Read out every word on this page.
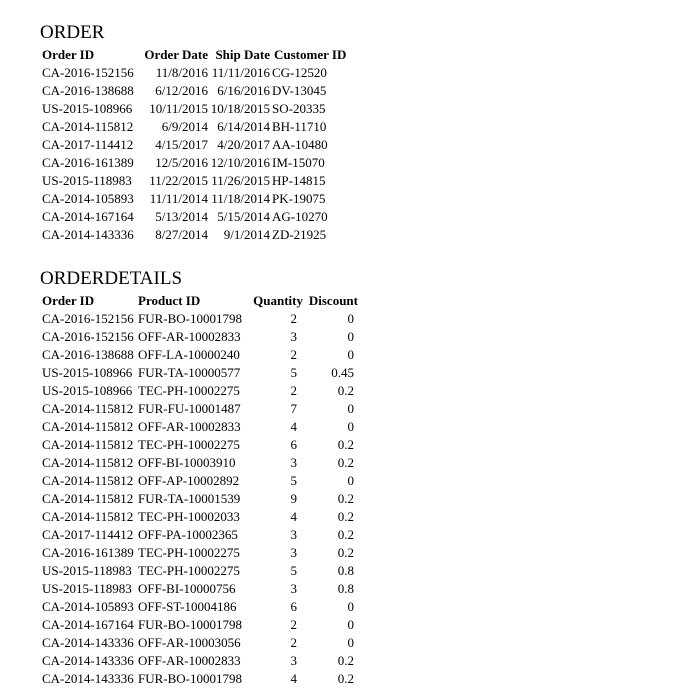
ORDER
Order ID	Order Date	Ship Date	Customer ID
CA-2016-152156	11/8/2016	11/11/2016	CG-12520
CA-2016-138688	6/12/2016	6/16/2016	DV-13045
US-2015-108966	10/11/2015	10/18/2015	SO-20335
CA-2014-115812	6/9/2014	6/14/2014	BH-11710
CA-2017-114412	4/15/2017	4/20/2017	AA-10480
CA-2016-161389	12/5/2016	12/10/2016	IM-15070
US-2015-118983	11/22/2015	11/26/2015	HP-14815
CA-2014-105893	11/11/2014	11/18/2014	PK-19075
CA-2014-167164	5/13/2014	5/15/2014	AG-10270
CA-2014-143336	8/27/2014	9/1/2014	ZD-21925
ORDERDETAILS
Order ID	Product ID	Quantity	Discount
CA-2016-152156	FUR-BO-10001798	2	0
CA-2016-152156	OFF-AR-10002833	3	0
CA-2016-138688	OFF-LA-10000240	2	0
US-2015-108966	FUR-TA-10000577	5	0.45
US-2015-108966	TEC-PH-10002275	2	0.2
CA-2014-115812	FUR-FU-10001487	7	0
CA-2014-115812	OFF-AR-10002833	4	0
CA-2014-115812	TEC-PH-10002275	6	0.2
CA-2014-115812	OFF-BI-10003910	3	0.2
CA-2014-115812	OFF-AP-10002892	5	0
CA-2014-115812	FUR-TA-10001539	9	0.2
CA-2014-115812	TEC-PH-10002033	4	0.2
CA-2017-114412	OFF-PA-10002365	3	0.2
CA-2016-161389	TEC-PH-10002275	3	0.2
US-2015-118983	TEC-PH-10002275	5	0.8
US-2015-118983	OFF-BI-10000756	3	0.8
CA-2014-105893	OFF-ST-10004186	6	0
CA-2014-167164	FUR-BO-10001798	2	0
CA-2014-143336	OFF-AR-10003056	2	0
CA-2014-143336	OFF-AR-10002833	3	0.2
CA-2014-143336	FUR-BO-10001798	4	0.2
